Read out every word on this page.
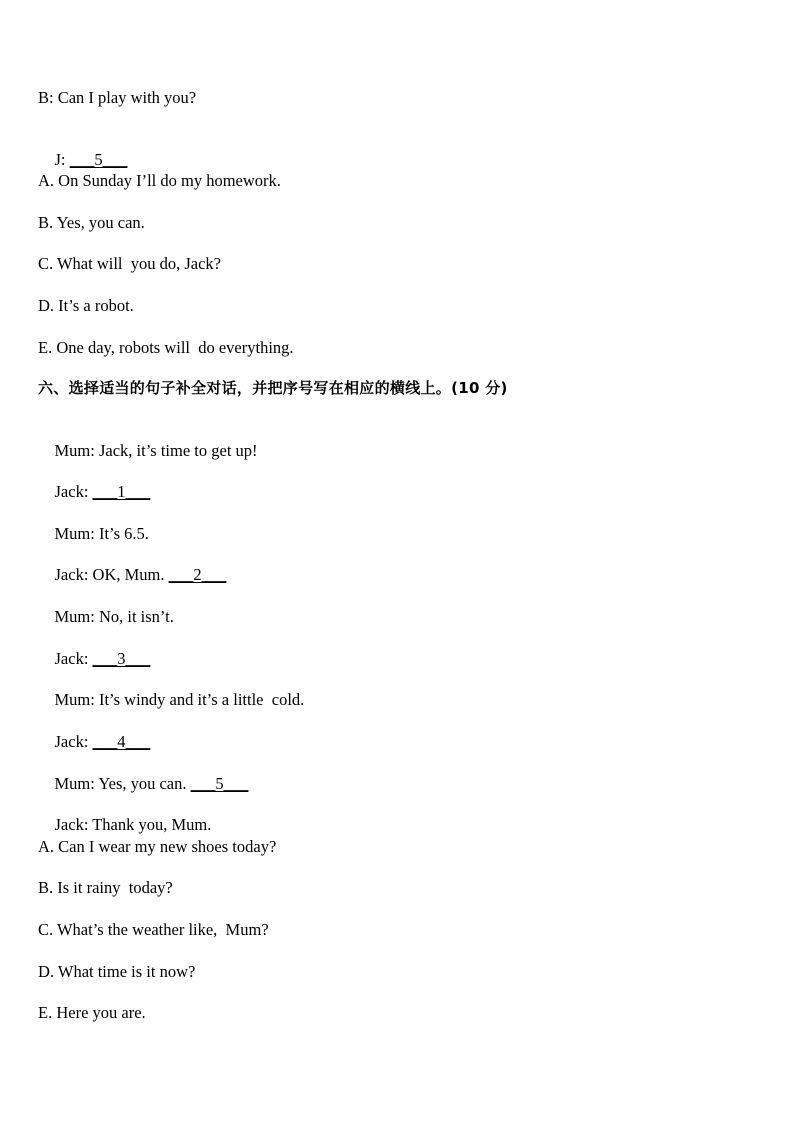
B: Can I play with you?

J: ___5___

A. On Sunday I’ll do my homework.
B. Yes, you can.
C. What will  you do, Jack?
D. It’s a robot.
E. One day, robots will  do everything.
六、选择适当的句子补全对话，并把序号写在相应的横线上。(10 分)

Mum: Jack, it’s time to get up!

Jack: ___1___

Mum: It’s 6.5.

Jack: OK, Mum. ___2___

Mum: No, it isn’t.

Jack: ___3___

Mum: It’s windy and it’s a little  cold.

Jack: ___4___

Mum: Yes, you can. ___5___

Jack: Thank you, Mum.

A. Can I wear my new shoes today?
B. Is it rainy  today?
C. What’s the weather like,  Mum?
D. What time is it now?
E. Here you are.
